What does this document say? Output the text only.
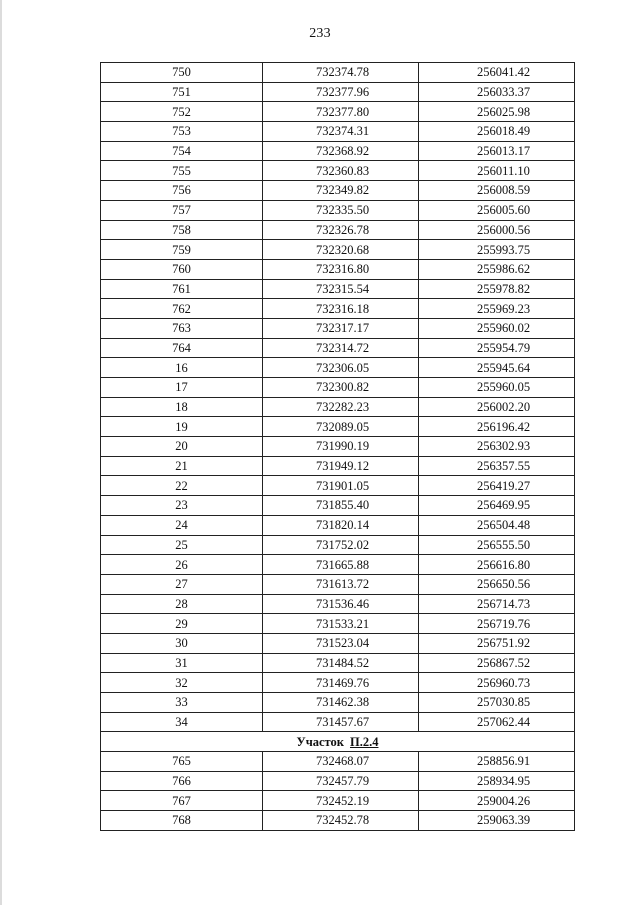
233
750	732374.78	256041.42
751	732377.96	256033.37
752	732377.80	256025.98
753	732374.31	256018.49
754	732368.92	256013.17
755	732360.83	256011.10
756	732349.82	256008.59
757	732335.50	256005.60
758	732326.78	256000.56
759	732320.68	255993.75
760	732316.80	255986.62
761	732315.54	255978.82
762	732316.18	255969.23
763	732317.17	255960.02
764	732314.72	255954.79
16	732306.05	255945.64
17	732300.82	255960.05
18	732282.23	256002.20
19	732089.05	256196.42
20	731990.19	256302.93
21	731949.12	256357.55
22	731901.05	256419.27
23	731855.40	256469.95
24	731820.14	256504.48
25	731752.02	256555.50
26	731665.88	256616.80
27	731613.72	256650.56
28	731536.46	256714.73
29	731533.21	256719.76
30	731523.04	256751.92
31	731484.52	256867.52
32	731469.76	256960.73
33	731462.38	257030.85
34	731457.67	257062.44
Участок П.2.4		
765	732468.07	258856.91
766	732457.79	258934.95
767	732452.19	259004.26
768	732452.78	259063.39
